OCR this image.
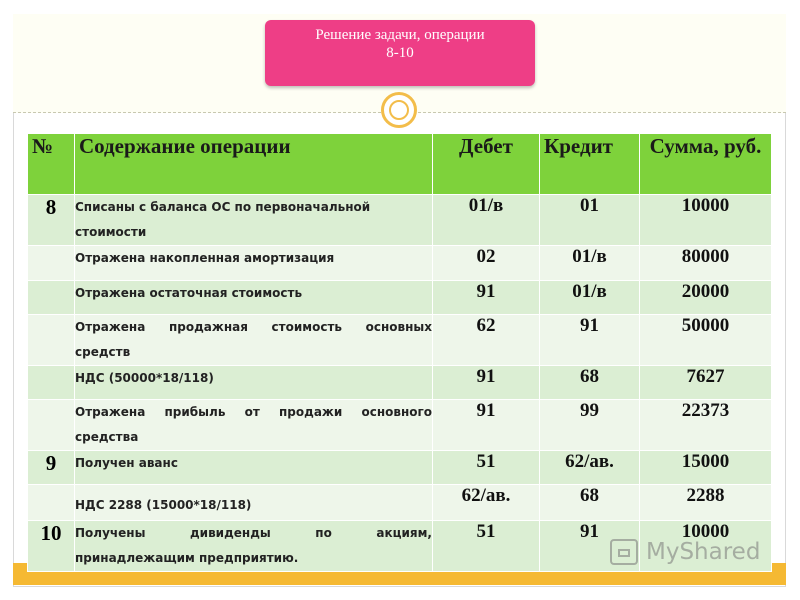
Решение задачи, операции
8-10
№	Содержание операции	Дебет	Кредит	Сумма, руб.
8	Списаны с баланса ОС по первоначальной стоимости	01/в	01	10000
	Отражена накопленная амортизация	02	01/в	80000
	Отражена остаточная стоимость	91	01/в	20000
	Отражена продажная стоимость основных средств	62	91	50000
	НДС (50000*18/118)	91	68	7627
	Отражена прибыль от продажи основного средства	91	99	22373
9	Получен аванс	51	62/ав.	15000
	НДС 2288 (15000*18/118)	62/ав.	68	2288
10	Получены дивиденды по акциям, принадлежащим предприятию.	51	91	10000
MyShared
